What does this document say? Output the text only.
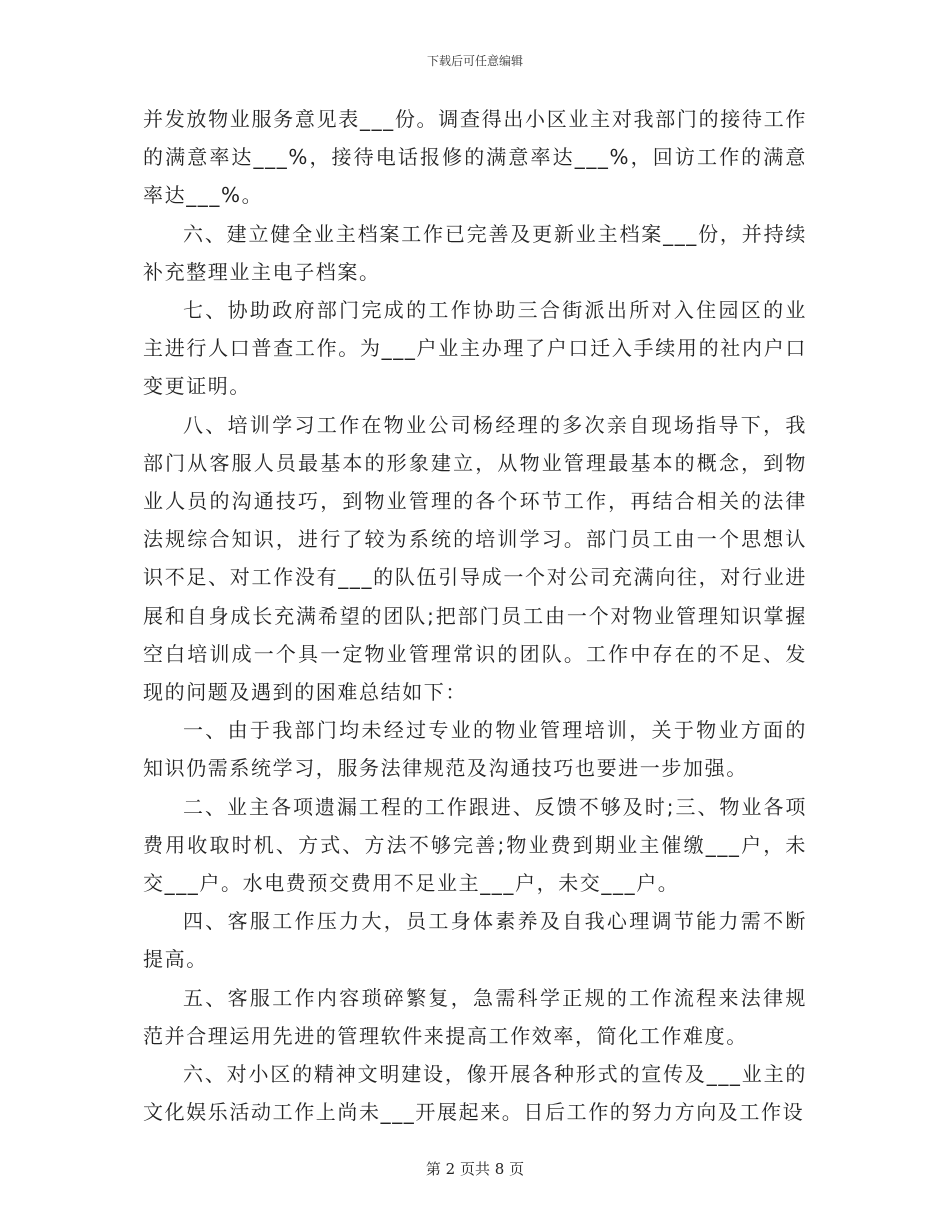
下载后可任意编辑

并发放物业服务意见表___份。调查得出小区业主对我部门的接待工作的满意率达___%，接待电话报修的满意率达___%，回访工作的满意率达___%。

六、建立健全业主档案工作已完善及更新业主档案___份，并持续补充整理业主电子档案。

七、协助政府部门完成的工作协助三合街派出所对入住园区的业主进行人口普查工作。为___户业主办理了户口迁入手续用的社内户口变更证明。

八、培训学习工作在物业公司杨经理的多次亲自现场指导下，我部门从客服人员最基本的形象建立，从物业管理最基本的概念，到物业人员的沟通技巧，到物业管理的各个环节工作，再结合相关的法律法规综合知识，进行了较为系统的培训学习。部门员工由一个思想认识不足、对工作没有___的队伍引导成一个对公司充满向往，对行业进展和自身成长充满希望的团队;把部门员工由一个对物业管理知识掌握空白培训成一个具一定物业管理常识的团队。工作中存在的不足、发现的问题及遇到的困难总结如下：

一、由于我部门均未经过专业的物业管理培训，关于物业方面的知识仍需系统学习，服务法律规范及沟通技巧也要进一步加强。

二、业主各项遗漏工程的工作跟进、反馈不够及时;三、物业各项费用收取时机、方式、方法不够完善;物业费到期业主催缴___户，未交___户。水电费预交费用不足业主___户，未交___户。

四、客服工作压力大，员工身体素养及自我心理调节能力需不断提高。

五、客服工作内容琐碎繁复，急需科学正规的工作流程来法律规范并合理运用先进的管理软件来提高工作效率，简化工作难度。

六、对小区的精神文明建设，像开展各种形式的宣传及___业主的文化娱乐活动工作上尚未___开展起来。日后工作的努力方向及工作设

第 2 页共 8 页
